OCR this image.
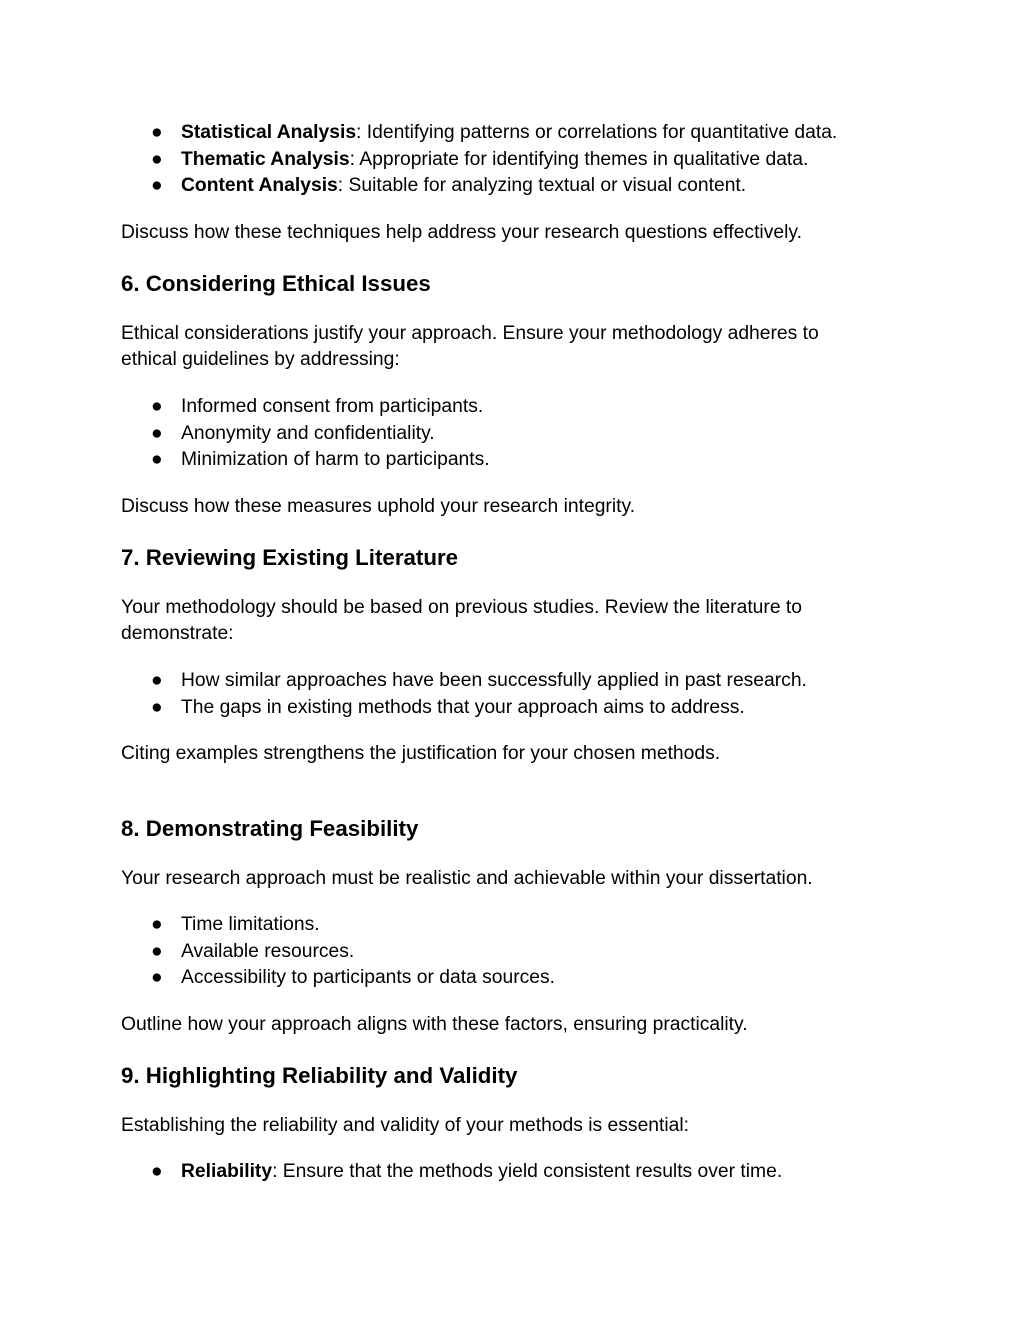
● Statistical Analysis: Identifying patterns or correlations for quantitative data.
● Thematic Analysis: Appropriate for identifying themes in qualitative data.
● Content Analysis: Suitable for analyzing textual or visual content.
Discuss how these techniques help address your research questions effectively.
6. Considering Ethical Issues
Ethical considerations justify your approach. Ensure your methodology adheres to
ethical guidelines by addressing:
● Informed consent from participants.
● Anonymity and confidentiality.
● Minimization of harm to participants.
Discuss how these measures uphold your research integrity.
7. Reviewing Existing Literature
Your methodology should be based on previous studies. Review the literature to
demonstrate:
● How similar approaches have been successfully applied in past research.
● The gaps in existing methods that your approach aims to address.
Citing examples strengthens the justification for your chosen methods.
8. Demonstrating Feasibility
Your research approach must be realistic and achievable within your dissertation.
● Time limitations.
● Available resources.
● Accessibility to participants or data sources.
Outline how your approach aligns with these factors, ensuring practicality.
9. Highlighting Reliability and Validity
Establishing the reliability and validity of your methods is essential:
● Reliability: Ensure that the methods yield consistent results over time.
